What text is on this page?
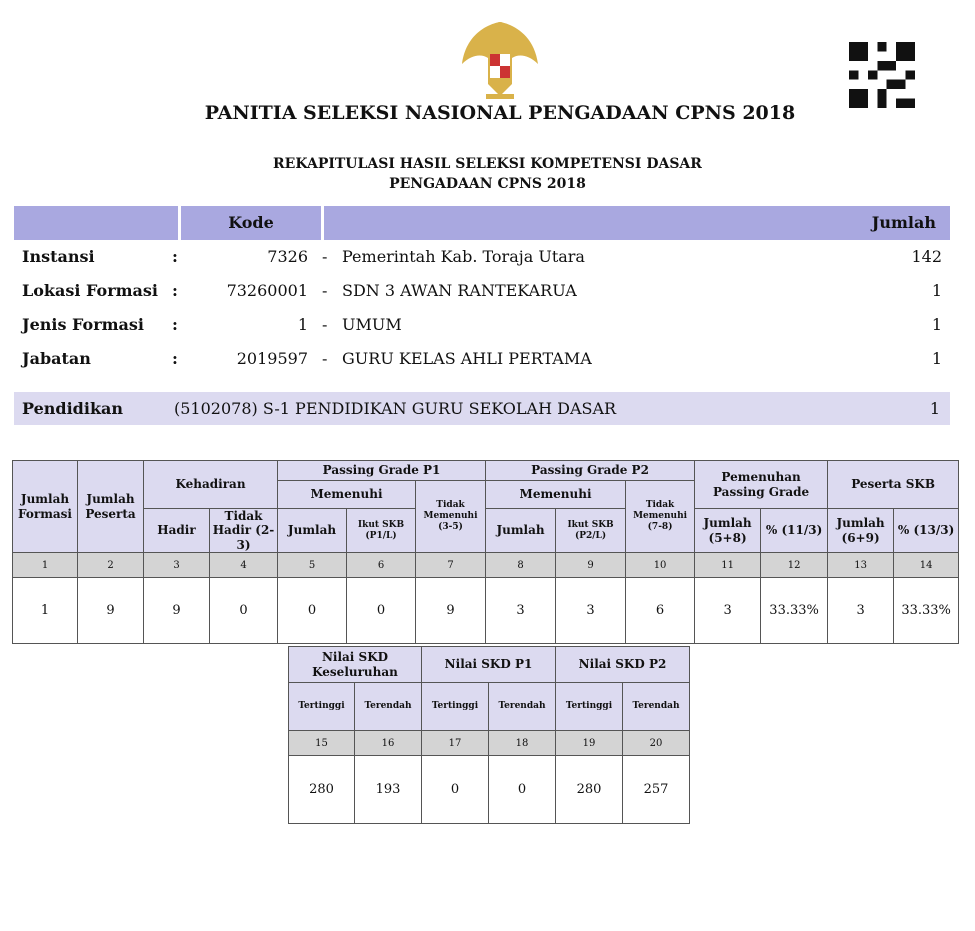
PANITIA SELEKSI NASIONAL PENGADAAN CPNS 2018
REKAPITULASI HASIL SELEKSI KOMPETENSI DASAR
PENGADAAN CPNS 2018
Kode	Jumlah
Instansi	:	7326 - Pemerintah Kab. Toraja Utara	142
Lokasi Formasi :	73260001 - SDN 3 AWAN RANTEKARUA	1
Jenis Formasi :	1 - UMUM	1
Jabatan	:	2019597 - GURU KELAS AHLI PERTAMA	1
Pendidikan	(5102078) S-1 PENDIDIKAN GURU SEKOLAH DASAR	1
Jumlah Formasi	Jumlah Peserta	Kehadiran		Passing Grade P1			Passing Grade P2			Pemenuhan Passing Grade		Peserta SKB	
				Memenuhi		Tidak Memenuhi (3-5)	Memenuhi		Tidak Memenuhi (7-8)				
		Hadir	Tidak Hadir (2-3)	Jumlah	Ikut SKB (P1/L)		Jumlah	Ikut SKB (P2/L)		Jumlah (5+8)	% (11/3)	Jumlah (6+9)	% (13/3)
1	2	3	4	5	6	7	8	9	10	11	12	13	14
1	9	9	0	0	0	9	3	3	6	3	33.33%	3	33.33%
Nilai SKD Keseluruhan		Nilai SKD P1		Nilai SKD P2	
Tertinggi	Terendah	Tertinggi	Terendah	Tertinggi	Terendah
15	16	17	18	19	20
280	193	0	0	280	257
